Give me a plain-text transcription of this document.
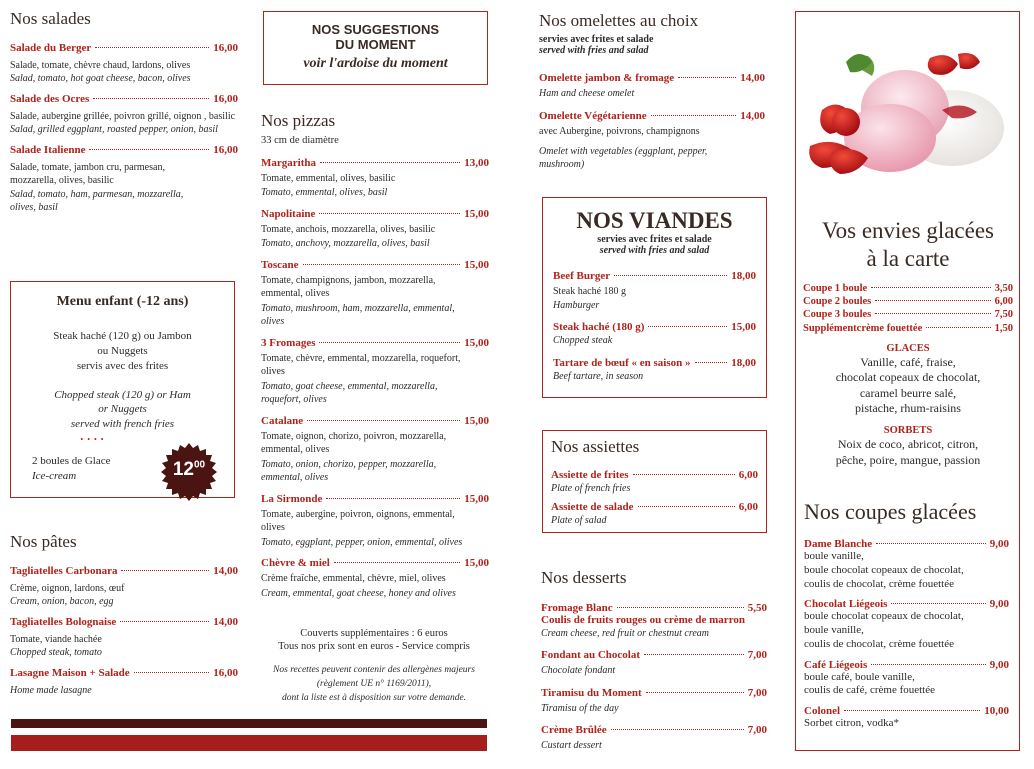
Nos salades
Salade du Berger	16,00
Salade, tomate, chèvre chaud, lardons, olives
Salad, tomato, hot goat cheese, bacon, olives
Salade des Ocres	16,00
Salade, aubergine grillée, poivron grillé, oignon , basilic
Salad, grilled eggplant, roasted pepper, onion, basil
Salade Italienne	16,00
Salade, tomate, jambon cru, parmesan, mozzarella, olives, basilic
Salad, tomato, ham, parmesan, mozzarella, olives, basil
Menu enfant (-12 ans)
Steak haché (120 g) ou Jambon
ou Nuggets
servis avec des frites
Chopped steak (120 g) or Ham
or Nuggets
served with french fries
• • • •
2 boules de Glace
Ice-cream	$12^{00}$
Nos pâtes
Tagliatelles Carbonara	14,00
Crème, oignon, lardons, œuf
Cream, onion, bacon, egg
Tagliatelles Bolognaise	14,00
Tomate, viande hachée
Chopped steak, tomato
Lasagne Maison + Salade	16,00
Home made lasagne
NOS SUGGESTIONS
DU MOMENT
voir l'ardoise du moment
Nos pizzas
33 cm de diamètre
Margaritha	13,00
Tomate, emmental, olives, basilic
Tomato, emmental, olives, basil
Napolitaine	15,00
Tomate, anchois, mozzarella, olives, basilic
Tomato, anchovy, mozzarella, olives, basil
Toscane	15,00
Tomate, champignons, jambon, mozzarella, emmental, olives
Tomato, mushroom, ham, mozzarella, emmental, olives
3 Fromages	15,00
Tomate, chèvre, emmental, mozzarella, roquefort, olives
Tomato, goat cheese, emmental, mozzarella, roquefort, olives
Catalane	15,00
Tomate, oignon, chorizo, poivron, mozzarella, emmental, olives
Tomato, onion, chorizo, pepper, mozzarella, emmental, olives
La Sirmonde	15,00
Tomate, aubergine, poivron, oignons, emmental, olives
Tomato, eggplant, pepper, onion, emmental, olives
Chèvre & miel	15,00
Crème fraîche, emmental, chèvre, miel, olives
Cream, emmental, goat cheese, honey and olives
Couverts supplémentaires : 6 euros
Tous nos prix sont en euros - Service compris
Nos recettes peuvent contenir des allergènes majeurs
(règlement UE n° 1169/2011),
dont la liste est à disposition sur votre demande.
Nos omelettes au choix
servies avec frites et salade
served with fries and salad
Omelette jambon & fromage	14,00
Ham and cheese omelet
Omelette Végétarienne	14,00
avec Aubergine, poivrons, champignons
Omelet with vegetables (eggplant, pepper, mushroom)
NOS VIANDES
servies avec frites et salade
served with fries and salad
Beef Burger	18,00
Steak haché 180 g
Hamburger
Steak haché (180 g)	15,00
Chopped steak
Tartare de bœuf « en saison »	18,00
Beef tartare, in season
Nos assiettes
Assiette de frites	6,00
Plate of french fries
Assiette de salade	6,00
Plate of salad
Nos desserts
Fromage Blanc	5,50
Coulis de fruits rouges ou crème de marron
Cream cheese, red fruit or chestnut cream
Fondant au Chocolat	7,00
Chocolate fondant
Tiramisu du Moment	7,00
Tiramisu of the day
Crème Brûlée	7,00
Custart dessert
Vos envies glacées
à la carte
Coupe 1 boule	3,50
Coupe 2 boules	6,00
Coupe 3 boules	7,50
Supplémentcrème fouettée	1,50
GLACES
Vanille, café, fraise,
chocolat copeaux de chocolat,
caramel beurre salé,
pistache, rhum-raisins
SORBETS
Noix de coco, abricot, citron,
pêche, poire, mangue, passion
Nos coupes glacées
Dame Blanche	9,00
boule vanille,
boule chocolat copeaux de chocolat,
coulis de chocolat, crème fouettée
Chocolat Liégeois	9,00
boule chocolat copeaux de chocolat,
boule vanille,
coulis de chocolat, crème fouettée
Café Liégeois	9,00
boule café, boule vanille,
coulis de café, crème fouettée
Colonel	10,00
Sorbet citron, vodka*
